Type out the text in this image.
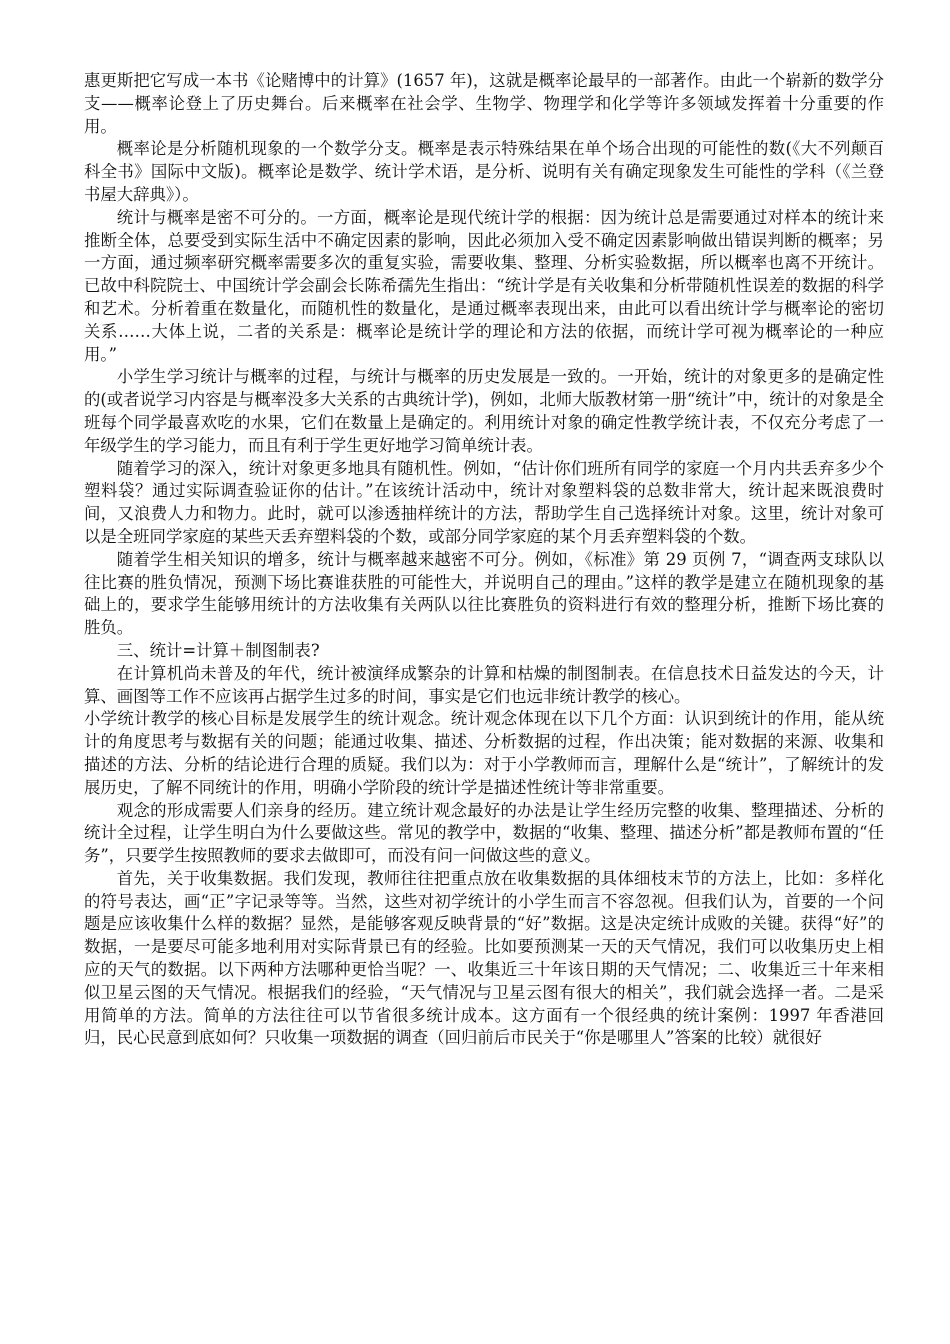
惠更斯把它写成一本书《论赌博中的计算》(1657 年)，这就是概率论最早的一部著作。由此一个崭新的数学分支——概率论登上了历史舞台。后来概率在社会学、生物学、物理学和化学等许多领域发挥着十分重要的作用。

概率论是分析随机现象的一个数学分支。概率是表示特殊结果在单个场合出现的可能性的数(《大不列颠百科全书》国际中文版)。概率论是数学、统计学术语，是分析、说明有关有确定现象发生可能性的学科（《兰登书屋大辞典》）。

统计与概率是密不可分的。一方面，概率论是现代统计学的根据：因为统计总是需要通过对样本的统计来推断全体，总要受到实际生活中不确定因素的影响，因此必须加入受不确定因素影响做出错误判断的概率；另一方面，通过频率研究概率需要多次的重复实验，需要收集、整理、分析实验数据，所以概率也离不开统计。已故中科院院士、中国统计学会副会长陈希孺先生指出：“统计学是有关收集和分析带随机性误差的数据的科学和艺术。分析着重在数量化，而随机性的数量化，是通过概率表现出来，由此可以看出统计学与概率论的密切关系……大体上说，二者的关系是：概率论是统计学的理论和方法的依据，而统计学可视为概率论的一种应用。”

小学生学习统计与概率的过程，与统计与概率的历史发展是一致的。一开始，统计的对象更多的是确定性的(或者说学习内容是与概率没多大关系的古典统计学)，例如，北师大版教材第一册“统计”中，统计的对象是全班每个同学最喜欢吃的水果，它们在数量上是确定的。利用统计对象的确定性教学统计表，不仅充分考虑了一年级学生的学习能力，而且有利于学生更好地学习简单统计表。

随着学习的深入，统计对象更多地具有随机性。例如，“估计你们班所有同学的家庭一个月内共丢弃多少个塑料袋？通过实际调查验证你的估计。”在该统计活动中，统计对象塑料袋的总数非常大，统计起来既浪费时间，又浪费人力和物力。此时，就可以渗透抽样统计的方法，帮助学生自己选择统计对象。这里，统计对象可以是全班同学家庭的某些天丢弃塑料袋的个数，或部分同学家庭的某个月丢弃塑料袋的个数。

随着学生相关知识的增多，统计与概率越来越密不可分。例如，《标准》第 29 页例 7，“调查两支球队以往比赛的胜负情况，预测下场比赛谁获胜的可能性大，并说明自己的理由。”这样的教学是建立在随机现象的基础上的，要求学生能够用统计的方法收集有关两队以往比赛胜负的资料进行有效的整理分析，推断下场比赛的胜负。

三、统计=计算＋制图制表?

在计算机尚未普及的年代，统计被演绎成繁杂的计算和枯燥的制图制表。在信息技术日益发达的今天，计算、画图等工作不应该再占据学生过多的时间，事实是它们也远非统计教学的核心。

小学统计教学的核心目标是发展学生的统计观念。统计观念体现在以下几个方面：认识到统计的作用，能从统计的角度思考与数据有关的问题；能通过收集、描述、分析数据的过程，作出决策；能对数据的来源、收集和描述的方法、分析的结论进行合理的质疑。我们以为：对于小学教师而言，理解什么是“统计”，了解统计的发展历史，了解不同统计的作用，明确小学阶段的统计学是描述性统计等非常重要。

观念的形成需要人们亲身的经历。建立统计观念最好的办法是让学生经历完整的收集、整理描述、分析的统计全过程，让学生明白为什么要做这些。常见的教学中，数据的“收集、整理、描述分析”都是教师布置的“任务”，只要学生按照教师的要求去做即可，而没有问一问做这些的意义。

首先，关于收集数据。我们发现，教师往往把重点放在收集数据的具体细枝末节的方法上，比如：多样化的符号表达，画“正”字记录等等。当然，这些对初学统计的小学生而言不容忽视。但我们认为，首要的一个问题是应该收集什么样的数据？显然，是能够客观反映背景的“好”数据。这是决定统计成败的关键。获得“好”的数据，一是要尽可能多地利用对实际背景已有的经验。比如要预测某一天的天气情况，我们可以收集历史上相应的天气的数据。以下两种方法哪种更恰当呢？一、收集近三十年该日期的天气情况；二、收集近三十年来相似卫星云图的天气情况。根据我们的经验，“天气情况与卫星云图有很大的相关”，我们就会选择一者。二是采用简单的方法。简单的方法往往可以节省很多统计成本。这方面有一个很经典的统计案例：1997 年香港回归，民心民意到底如何？只收集一项数据的调查（回归前后市民关于“你是哪里人”答案的比较）就很好
